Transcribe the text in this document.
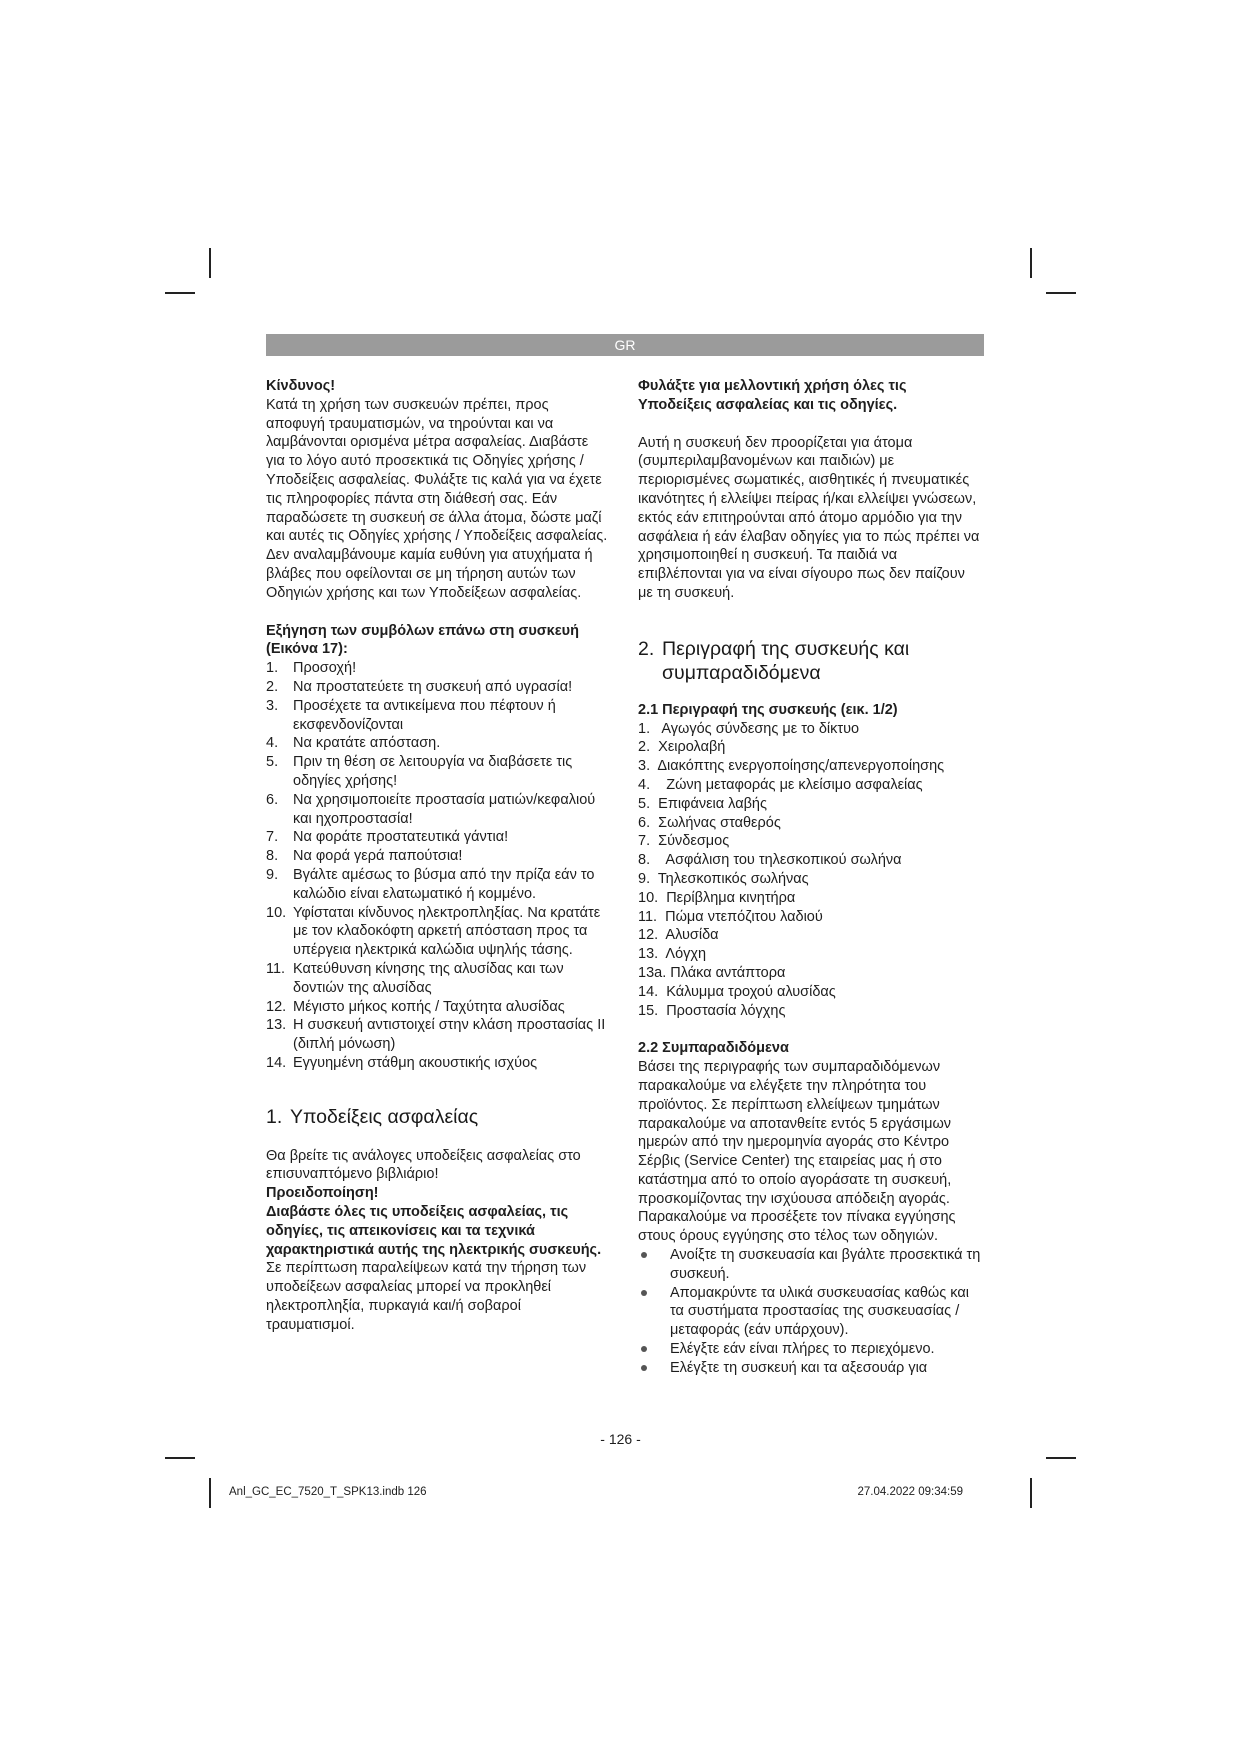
GR

Κίνδυνος!

Κατά τη χρήση των συσκευών πρέπει, προς αποφυγή τραυματισμών, να τηρούνται και να λαμβάνονται ορισμένα μέτρα ασφαλείας. Διαβάστε για το λόγο αυτό προσεκτικά τις Οδηγίες χρήσης / Υποδείξεις ασφαλείας. Φυλάξτε τις καλά για να έχετε τις πληροφορίες πάντα στη διάθεσή σας. Εάν παραδώσετε τη συσκευή σε άλλα άτομα, δώστε μαζί και αυτές τις Οδηγίες χρήσης / Υποδείξεις ασφαλείας. Δεν αναλαμβάνουμε καμία ευθύνη για ατυχήματα ή βλάβες που οφείλονται σε μη τήρηση αυτών των Οδηγιών χρήσης και των Υποδείξεων ασφαλείας.

Εξήγηση των συμβόλων επάνω στη συσκευή (Εικόνα 17):

1. Προσοχή!
2. Να προστατεύετε τη συσκευή από υγρασία!
3. Προσέχετε τα αντικείμενα που πέφτουν ή εκσφενδονίζονται
4. Να κρατάτε απόσταση.
5. Πριν τη θέση σε λειτουργία να διαβάσετε τις οδηγίες χρήσης!
6. Να χρησιμοποιείτε προστασία ματιών/κεφαλιού και ηχοπροστασία!
7. Να φοράτε προστατευτικά γάντια!
8. Να φορά γερά παπούτσια!
9. Βγάλτε αμέσως το βύσμα από την πρίζα εάν το καλώδιο είναι ελατωματικό ή κομμένο.
10. Υφίσταται κίνδυνος ηλεκτροπληξίας. Να κρατάτε με τον κλαδοκόφτη αρκετή απόσταση προς τα υπέργεια ηλεκτρικά καλώδια υψηλής τάσης.
11. Κατεύθυνση κίνησης της αλυσίδας και των δοντιών της αλυσίδας
12. Μέγιστο μήκος κοπής / Ταχύτητα αλυσίδας
13. Η συσκευή αντιστοιχεί στην κλάση προστασίας II (διπλή μόνωση)
14. Εγγυημένη στάθμη ακουστικής ισχύος
1. Υποδείξεις ασφαλείας

Θα βρείτε τις ανάλογες υποδείξεις ασφαλείας στο επισυναπτόμενο βιβλιάριο!

Προειδοποίηση!

Διαβάστε όλες τις υποδείξεις ασφαλείας, τις οδηγίες, τις απεικονίσεις και τα τεχνικά χαρακτηριστικά αυτής της ηλεκτρικής συσκευής. Σε περίπτωση παραλείψεων κατά την τήρηση των υποδείξεων ασφαλείας μπορεί να προκληθεί ηλεκτροπληξία, πυρκαγιά και/ή σοβαροί τραυματισμοί.

Φυλάξτε για μελλοντική χρήση όλες τις Υποδείξεις ασφαλείας και τις οδηγίες.

Αυτή η συσκευή δεν προορίζεται για άτομα (συμπεριλαμβανομένων και παιδιών) με περιορισμένες σωματικές, αισθητικές ή πνευματικές ικανότητες ή ελλείψει πείρας ή/και ελλείψει γνώσεων, εκτός εάν επιτηρούνται από άτομο αρμόδιο για την ασφάλεια ή εάν έλαβαν οδηγίες για το πώς πρέπει να χρησιμοποιηθεί η συσκευή. Τα παιδιά να επιβλέπονται για να είναι σίγουρο πως δεν παίζουν με τη συσκευή.

2. Περιγραφή της συσκευής και
συμπαραδιδόμενα

2.1 Περιγραφή της συσκευής (εικ. 1/2)

1.   Αγωγός σύνδεσης με το δίκτυο
2.  Χειρολαβή
3.  Διακόπτης ενεργοποίησης/απενεργοποίησης
4.    Ζώνη μεταφοράς με κλείσιμο ασφαλείας
5.  Επιφάνεια λαβής
6.  Σωλήνας σταθερός
7.  Σύνδεσμος
8.    Ασφάλιση του τηλεσκοπικού σωλήνα
9.  Τηλεσκοπικός σωλήνας
10.  Περίβλημα κινητήρα
11.  Πώμα ντεπόζιτου λαδιού
12.  Αλυσίδα
13.  Λόγχη
13a. Πλάκα αντάπτορα
14.  Κάλυμμα τροχού αλυσίδας
15.  Προστασία λόγχης

2.2 Συμπαραδιδόμενα

Βάσει της περιγραφής των συμπαραδιδόμενων παρακαλούμε να ελέγξετε την πληρότητα του προϊόντος. Σε περίπτωση ελλείψεων τμημάτων παρακαλούμε να αποτανθείτε εντός 5 εργάσιμων ημερών από την ημερομηνία αγοράς στο Κέντρο Σέρβις (Service Center) της εταιρείας μας ή στο κατάστημα από το οποίο αγοράσατε τη συσκευή, προσκομίζοντας την ισχύουσα απόδειξη αγοράς. Παρακαλούμε να προσέξετε τον πίνακα εγγύησης στους όρους εγγύησης στο τέλος των οδηγιών.

Ανοίξτε τη συσκευασία και βγάλτε προσεκτικά τη συσκευή.
Απομακρύντε τα υλικά συσκευασίας καθώς και τα συστήματα προστασίας της συσκευασίας / μεταφοράς (εάν υπάρχουν).
Ελέγξτε εάν είναι πλήρες το περιεχόμενο.
Ελέγξτε τη συσκευή και τα αξεσουάρ για
- 126 -
Anl_GC_EC_7520_T_SPK13.indb 126	27.04.2022 09:34:59
